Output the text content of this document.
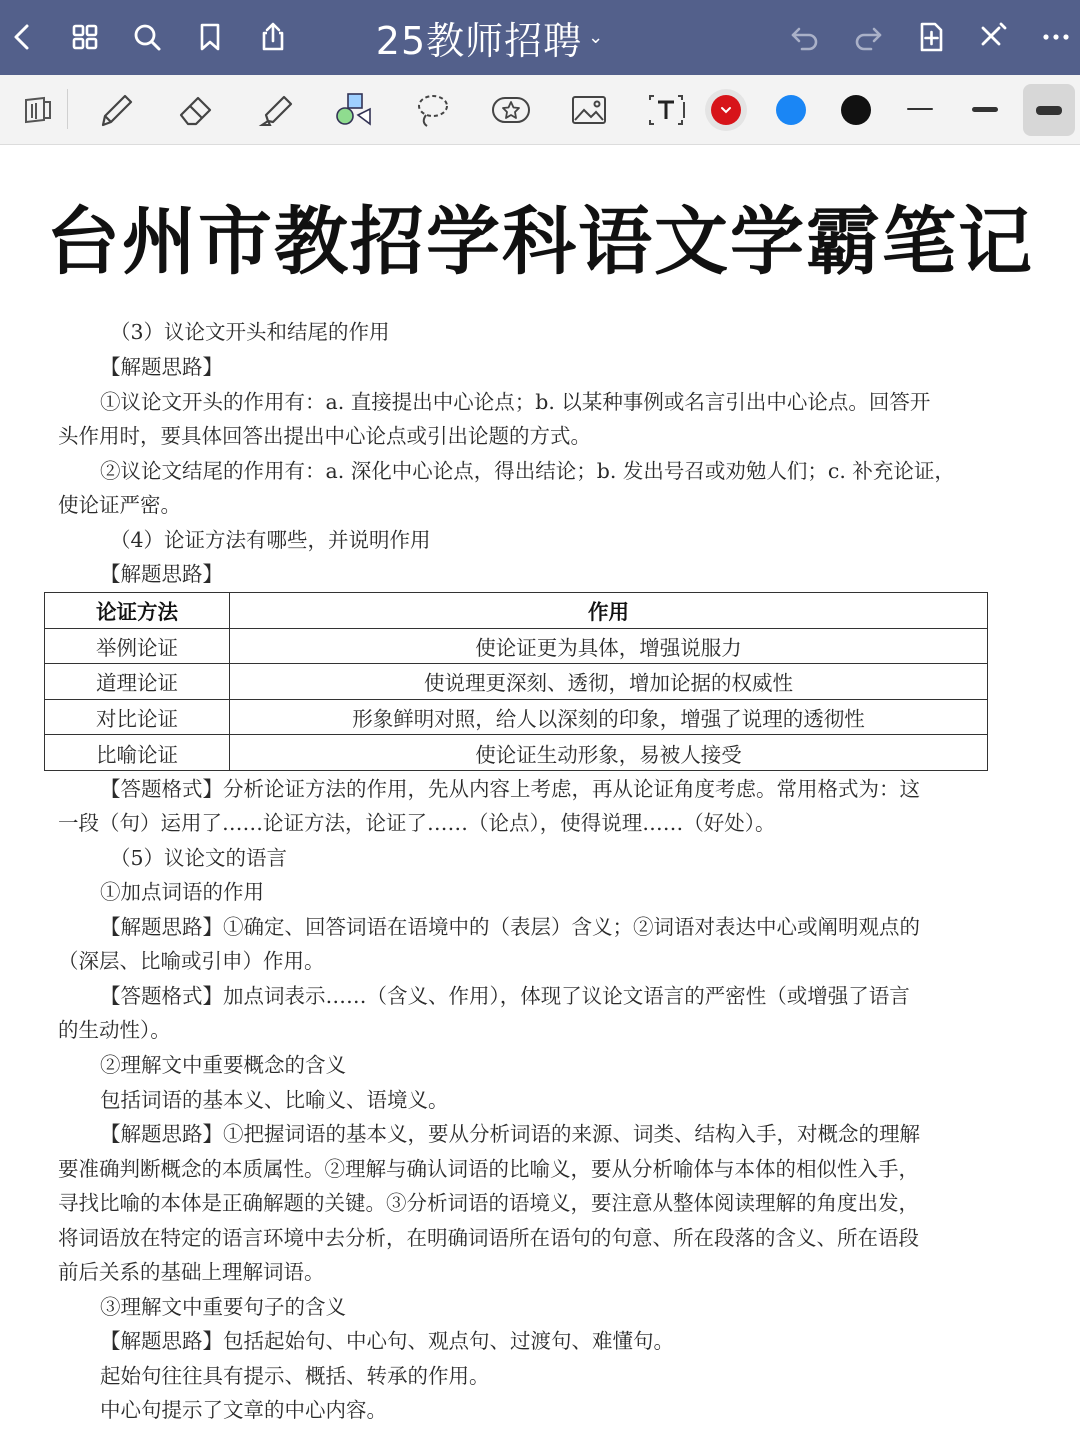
25教师招聘 ⌄
台州市教招学科语文学霸笔记
（3）议论文开头和结尾的作用
【解题思路】
①议论文开头的作用有：a. 直接提出中心论点；b. 以某种事例或名言引出中心论点。回答开
头作用时，要具体回答出提出中心论点或引出论题的方式。
②议论文结尾的作用有：a. 深化中心论点，得出结论；b. 发出号召或劝勉人们；c. 补充论证，
使论证严密。
（4）论证方法有哪些，并说明作用
【解题思路】
论证方法	作用
举例论证	使论证更为具体，增强说服力
道理论证	使说理更深刻、透彻，增加论据的权威性
对比论证	形象鲜明对照，给人以深刻的印象，增强了说理的透彻性
比喻论证	使论证生动形象，易被人接受
【答题格式】分析论证方法的作用，先从内容上考虑，再从论证角度考虑。常用格式为：这
一段（句）运用了……论证方法，论证了……（论点），使得说理……（好处）。
（5）议论文的语言
①加点词语的作用
【解题思路】①确定、回答词语在语境中的（表层）含义；②词语对表达中心或阐明观点的
（深层、比喻或引申）作用。
【答题格式】加点词表示……（含义、作用），体现了议论文语言的严密性（或增强了语言
的生动性）。
②理解文中重要概念的含义
包括词语的基本义、比喻义、语境义。
【解题思路】①把握词语的基本义，要从分析词语的来源、词类、结构入手，对概念的理解
要准确判断概念的本质属性。②理解与确认词语的比喻义，要从分析喻体与本体的相似性入手，
寻找比喻的本体是正确解题的关键。③分析词语的语境义，要注意从整体阅读理解的角度出发，
将词语放在特定的语言环境中去分析，在明确词语所在语句的句意、所在段落的含义、所在语段
前后关系的基础上理解词语。
③理解文中重要句子的含义
【解题思路】包括起始句、中心句、观点句、过渡句、难懂句。
起始句往往具有提示、概括、转承的作用。
中心句提示了文章的中心内容。
